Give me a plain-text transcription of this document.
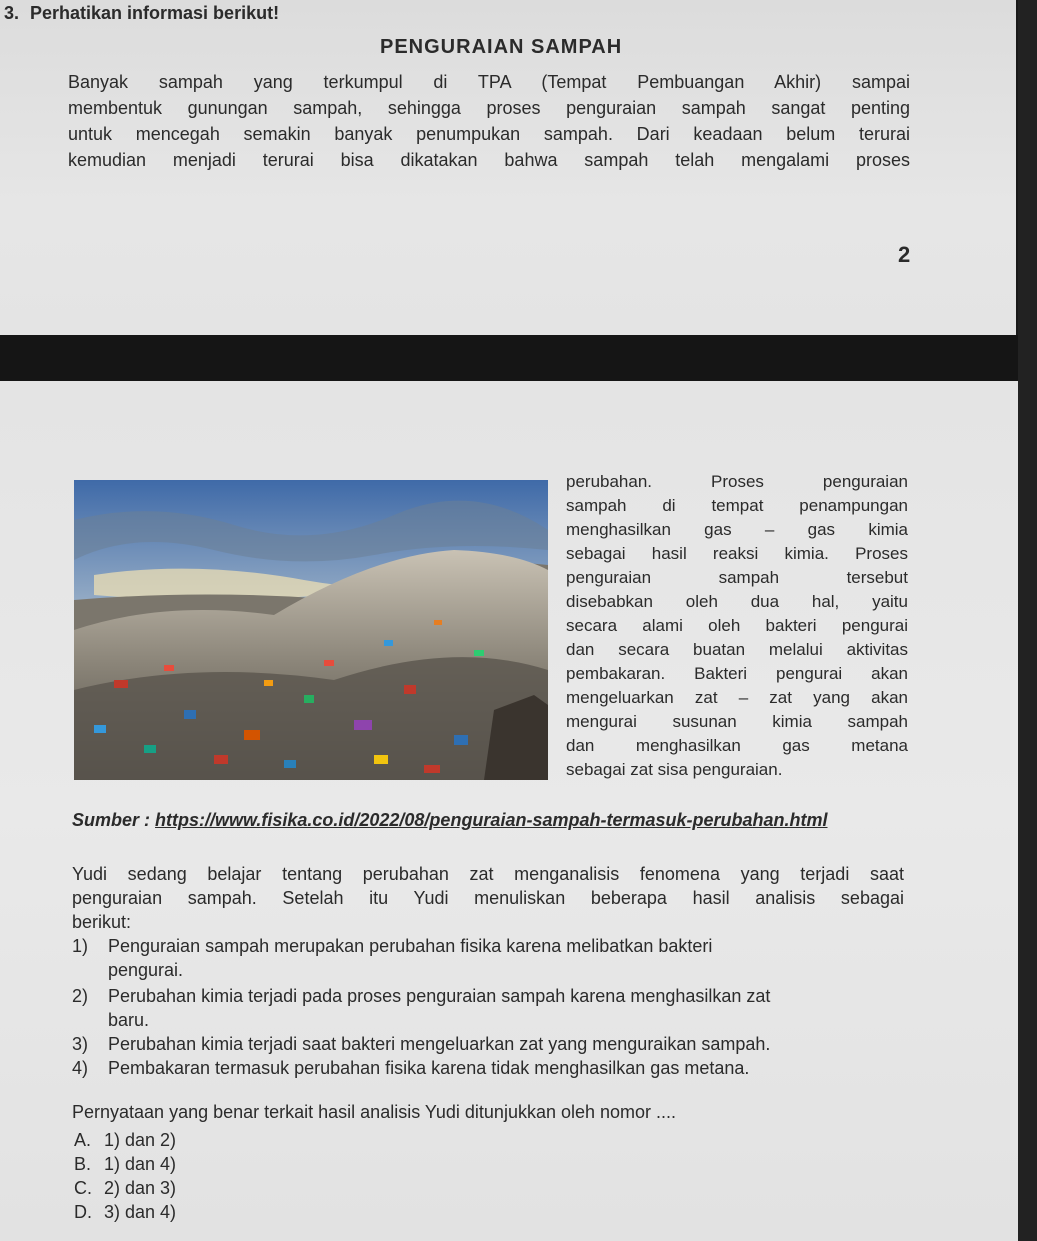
3. Perhatikan informasi berikut!
PENGURAIAN SAMPAH
Banyak sampah yang terkumpul di TPA (Tempat Pembuangan Akhir) sampai
membentuk gunungan sampah, sehingga proses penguraian sampah sangat penting
untuk mencegah semakin banyak penumpukan sampah. Dari keadaan belum terurai
kemudian menjadi terurai bisa dikatakan bahwa sampah telah mengalami proses
2
perubahan. Proses penguraian
sampah di tempat penampungan
menghasilkan gas – gas kimia
sebagai hasil reaksi kimia. Proses
penguraian sampah tersebut
disebabkan oleh dua hal, yaitu
secara alami oleh bakteri pengurai
dan secara buatan melalui aktivitas
pembakaran. Bakteri pengurai akan
mengeluarkan zat – zat yang akan
mengurai susunan kimia sampah
dan menghasilkan gas metana
sebagai zat sisa penguraian.
Sumber : https://www.fisika.co.id/2022/08/penguraian-sampah-termasuk-perubahan.html
Yudi sedang belajar tentang perubahan zat menganalisis fenomena yang terjadi saat
penguraian sampah. Setelah itu Yudi menuliskan beberapa hasil analisis sebagai
berikut:
1) Penguraian sampah merupakan perubahan fisika karena melibatkan bakteri
pengurai.
2) Perubahan kimia terjadi pada proses penguraian sampah karena menghasilkan zat
baru.
3) Perubahan kimia terjadi saat bakteri mengeluarkan zat yang menguraikan sampah.
4) Pembakaran termasuk perubahan fisika karena tidak menghasilkan gas metana.
Pernyataan yang benar terkait hasil analisis Yudi ditunjukkan oleh nomor ....
A. 1) dan 2)
B. 1) dan 4)
C. 2) dan 3)
D. 3) dan 4)
